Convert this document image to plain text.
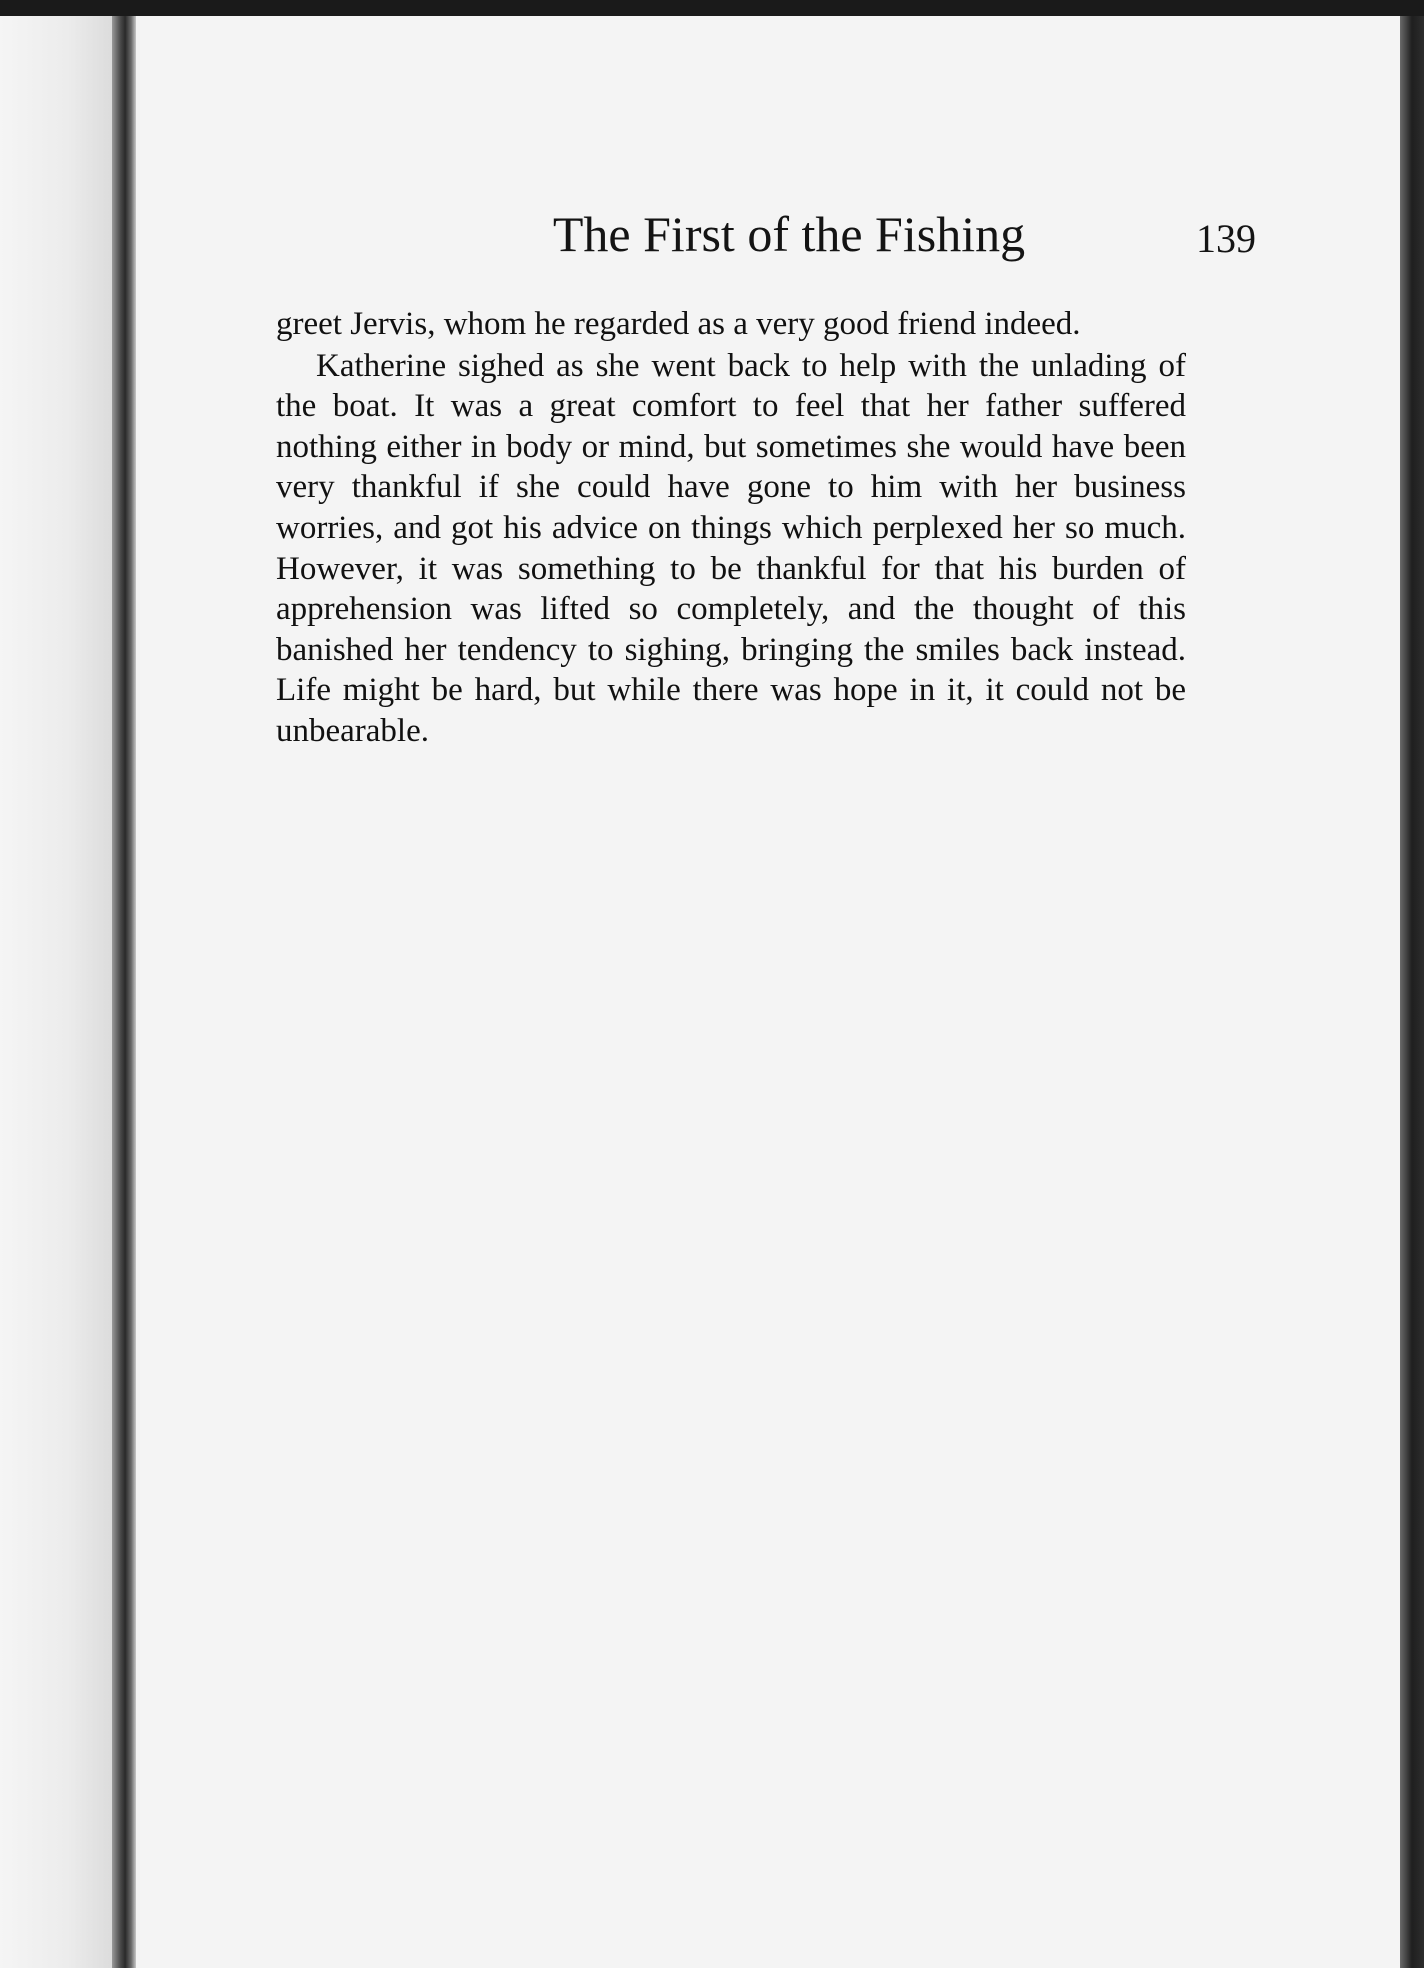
The First of the Fishing	139

greet Jervis, whom he regarded as a very good friend indeed.

Katherine sighed as she went back to help with the unlading of the boat. It was a great comfort to feel that her father suffered nothing either in body or mind, but sometimes she would have been very thankful if she could have gone to him with her business worries, and got his advice on things which perplexed her so much. However, it was something to be thankful for that his burden of apprehension was lifted so completely, and the thought of this banished her tendency to sighing, bringing the smiles back instead. Life might be hard, but while there was hope in it, it could not be unbearable.
